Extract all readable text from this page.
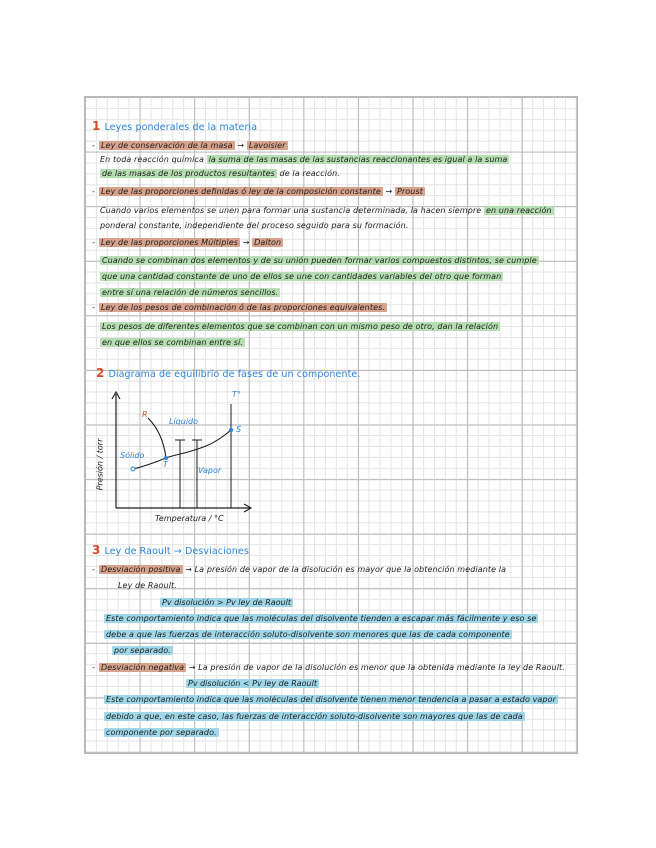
1 Leyes ponderales de la materia
- Ley de conservación de la masa → Lavoisier
En toda reacción química la suma de las masas de las sustancias reaccionantes es igual a la suma
de las masas de los productos resultantes de la reacción.
- Ley de las proporciones definidas ó ley de la composición constante → Proust
Cuando varios elementos se unen para formar una sustancia determinada, la hacen siempre en una reacción
ponderal constante, independiente del proceso seguido para su formación.
- Ley de las proporciones Múltiples → Dalton
Cuando se combinan dos elementos y de su unión pueden formar varios compuestos distintos, se cumple
que una cantidad constante de uno de ellos se une con cantidades variables del otro que forman
entre sí una relación de números sencillos.
- Ley de los pesos de combinación ó de las proporciones equivalentes.
Los pesos de diferentes elementos que se combinan con un mismo peso de otro, dan la relación
en que ellos se combinan entre sí.
2 Diagrama de equilibrio de fases de un componente.
R
Líquido
Sólido
Vapor
T
S
T°
Presión / torr
Temperatura / °C
3 Ley de Raoult → Desviaciones
- Desviación positiva → La presión de vapor de la disolución es mayor que la obtención mediante la
Ley de Raoult.
Pv disolución > Pv ley de Raoult
Este comportamiento indica que las moléculas del disolvente tienden a escapar más fácilmente y eso se
debe a que las fuerzas de interacción soluto-disolvente son menores que las de cada componente
por separado.
- Desviación negativa → La presión de vapor de la disolución es menor que la obtenida mediante la ley de Raoult.
Pv disolución < Pv ley de Raoult
Este comportamiento indica que las moléculas del disolvente tienen menor tendencia a pasar a estado vapor
debido a que, en este caso, las fuerzas de interacción soluto-disolvente son mayores que las de cada
componente por separado.
